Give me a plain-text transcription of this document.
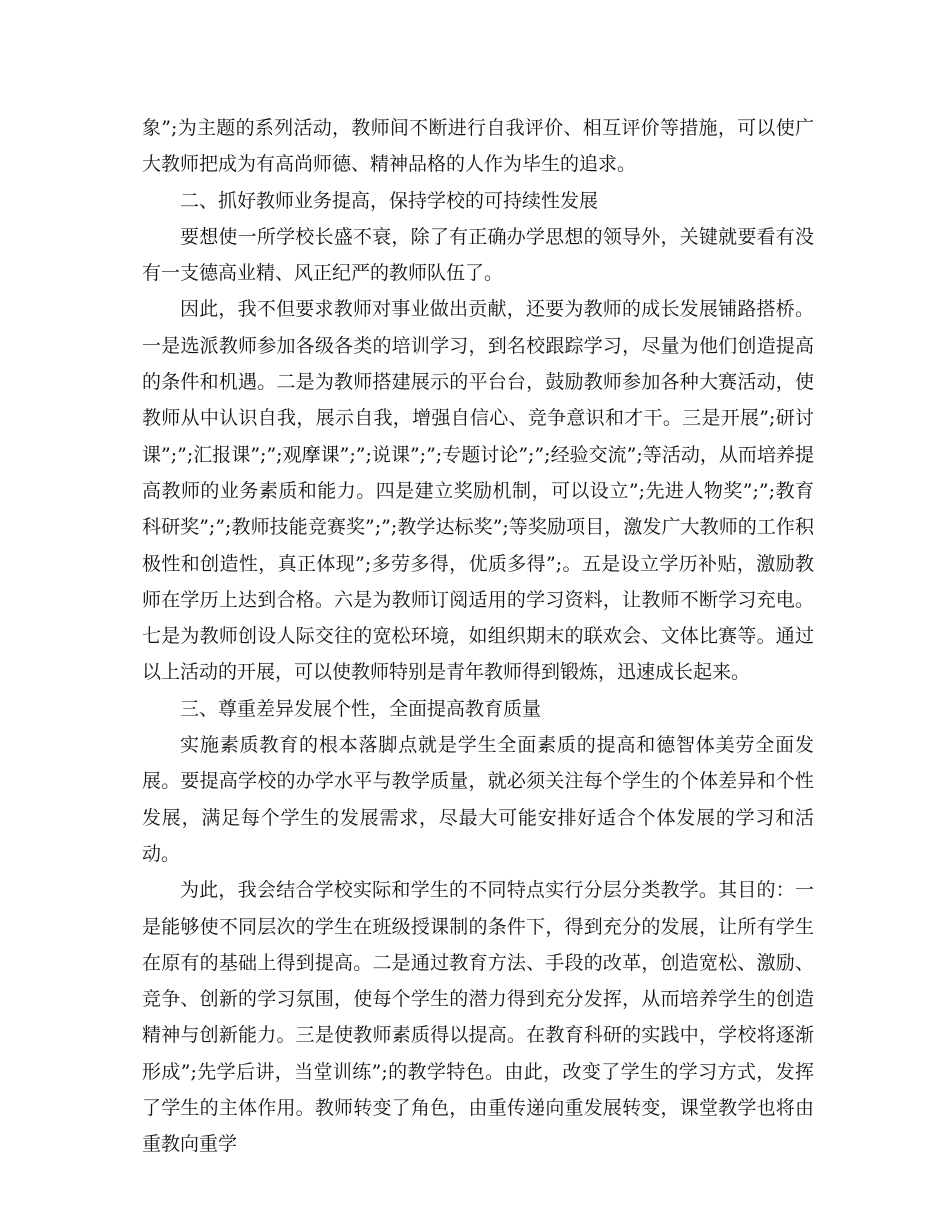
象”;为主题的系列活动，教师间不断进行自我评价、相互评价等措施，可以使广大教师把成为有高尚师德、精神品格的人作为毕生的追求。

二、抓好教师业务提高，保持学校的可持续性发展

要想使一所学校长盛不衰，除了有正确办学思想的领导外，关键就要看有没有一支德高业精、风正纪严的教师队伍了。

因此，我不但要求教师对事业做出贡献，还要为教师的成长发展铺路搭桥。一是选派教师参加各级各类的培训学习，到名校跟踪学习，尽量为他们创造提高的条件和机遇。二是为教师搭建展示的平台台，鼓励教师参加各种大赛活动，使教师从中认识自我，展示自我，增强自信心、竞争意识和才干。三是开展”;研讨课”;”;汇报课”;”;观摩课”;”;说课”;”;专题讨论”;”;经验交流”;等活动，从而培养提高教师的业务素质和能力。四是建立奖励机制，可以设立”;先进人物奖”;”;教育科研奖”;”;教师技能竞赛奖”;”;教学达标奖”;等奖励项目，激发广大教师的工作积极性和创造性，真正体现”;多劳多得，优质多得”;。五是设立学历补贴，激励教师在学历上达到合格。六是为教师订阅适用的学习资料，让教师不断学习充电。七是为教师创设人际交往的宽松环境，如组织期末的联欢会、文体比赛等。通过以上活动的开展，可以使教师特别是青年教师得到锻炼，迅速成长起来。

三、尊重差异发展个性，全面提高教育质量

实施素质教育的根本落脚点就是学生全面素质的提高和德智体美劳全面发展。要提高学校的办学水平与教学质量，就必须关注每个学生的个体差异和个性发展，满足每个学生的发展需求，尽最大可能安排好适合个体发展的学习和活动。

为此，我会结合学校实际和学生的不同特点实行分层分类教学。其目的：一是能够使不同层次的学生在班级授课制的条件下，得到充分的发展，让所有学生在原有的基础上得到提高。二是通过教育方法、手段的改革，创造宽松、激励、竞争、创新的学习氛围，使每个学生的潜力得到充分发挥，从而培养学生的创造精神与创新能力。三是使教师素质得以提高。在教育科研的实践中，学校将逐渐形成”;先学后讲，当堂训练”;的教学特色。由此，改变了学生的学习方式，发挥了学生的主体作用。教师转变了角色，由重传递向重发展转变，课堂教学也将由重教向重学
